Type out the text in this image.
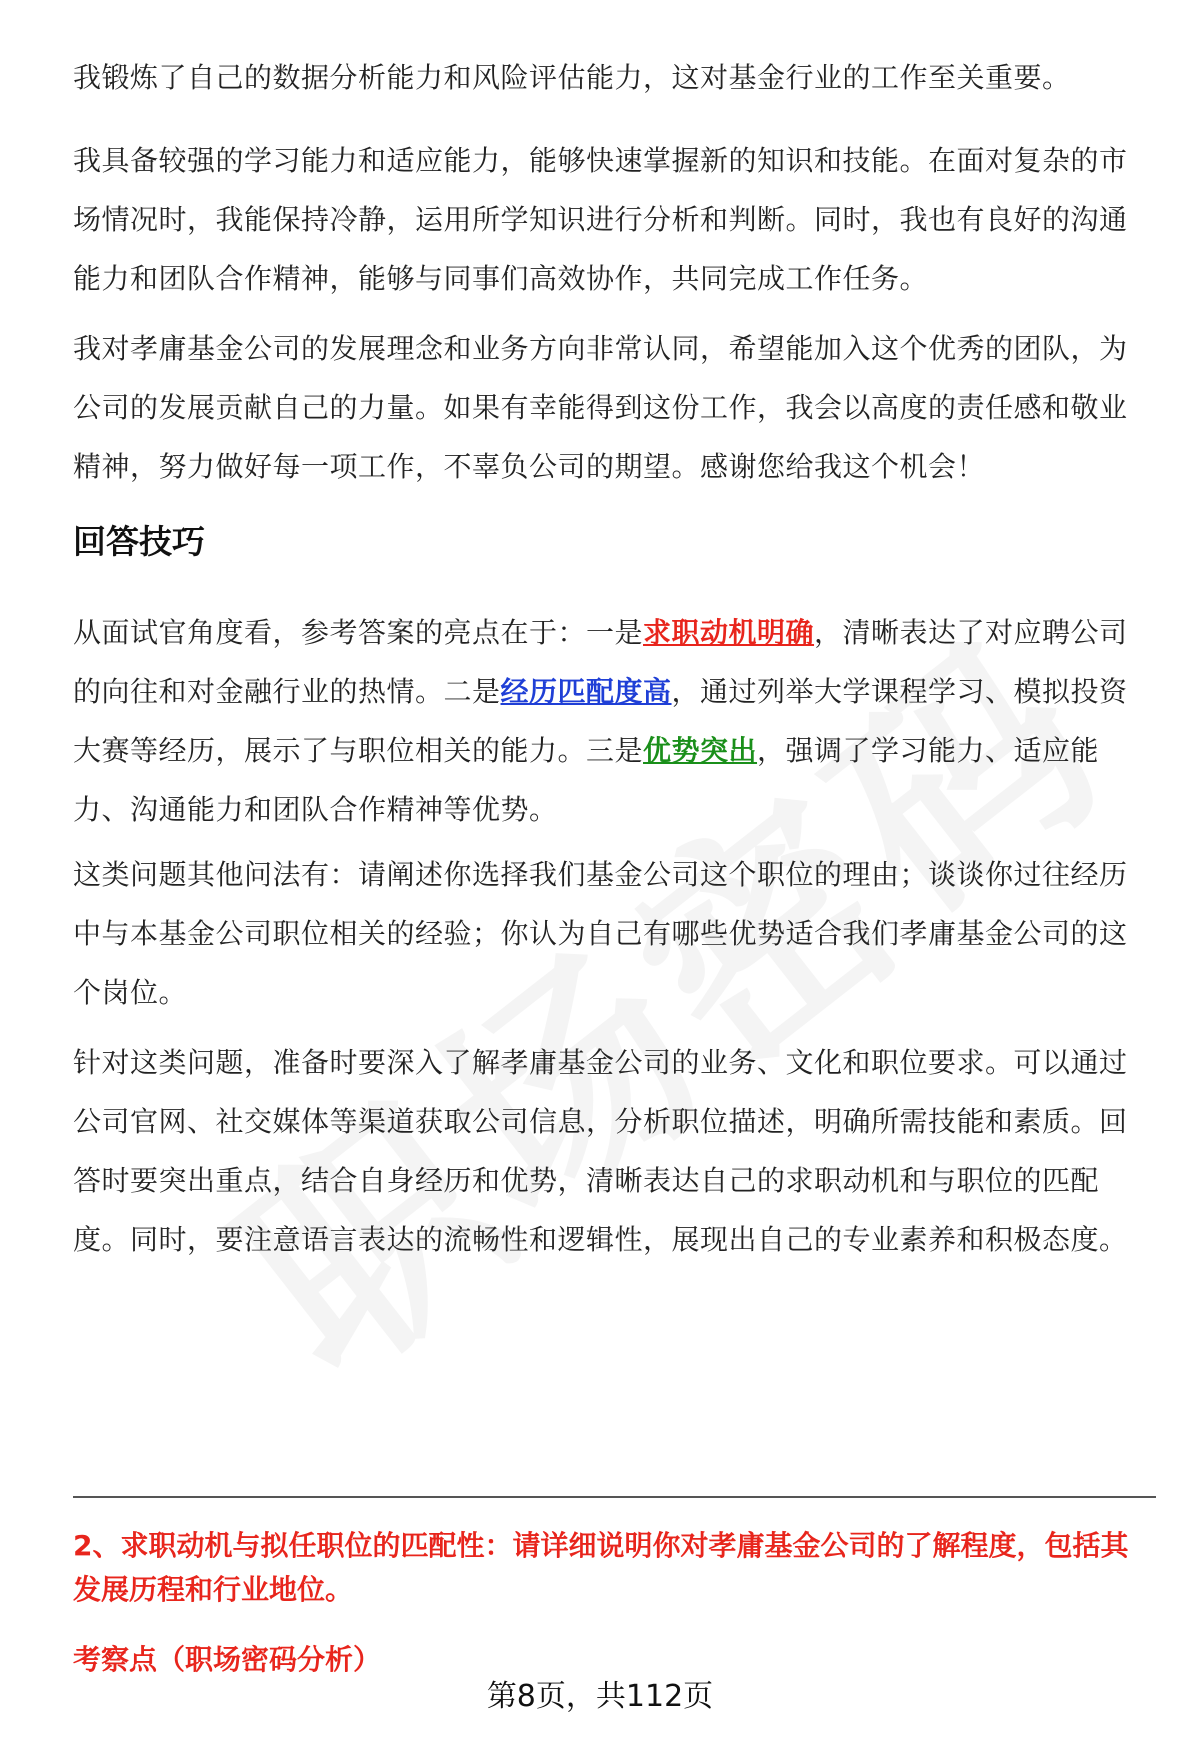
我锻炼了自己的数据分析能力和风险评估能力，这对基金行业的工作至关重要。

我具备较强的学习能力和适应能力，能够快速掌握新的知识和技能。在面对复杂的市场情况时，我能保持冷静，运用所学知识进行分析和判断。同时，我也有良好的沟通能力和团队合作精神，能够与同事们高效协作，共同完成工作任务。

我对孝庸基金公司的发展理念和业务方向非常认同，希望能加入这个优秀的团队，为公司的发展贡献自己的力量。如果有幸能得到这份工作，我会以高度的责任感和敬业精神，努力做好每一项工作，不辜负公司的期望。感谢您给我这个机会！

回答技巧

从面试官角度看，参考答案的亮点在于：一是求职动机明确，清晰表达了对应聘公司的向往和对金融行业的热情。二是经历匹配度高，通过列举大学课程学习、模拟投资大赛等经历，展示了与职位相关的能力。三是优势突出，强调了学习能力、适应能力、沟通能力和团队合作精神等优势。

这类问题其他问法有：请阐述你选择我们基金公司这个职位的理由；谈谈你过往经历中与本基金公司职位相关的经验；你认为自己有哪些优势适合我们孝庸基金公司的这个岗位。

针对这类问题，准备时要深入了解孝庸基金公司的业务、文化和职位要求。可以通过公司官网、社交媒体等渠道获取公司信息，分析职位描述，明确所需技能和素质。回答时要突出重点，结合自身经历和优势，清晰表达自己的求职动机和与职位的匹配度。同时，要注意语言表达的流畅性和逻辑性，展现出自己的专业素养和积极态度。

2、求职动机与拟任职位的匹配性：请详细说明你对孝庸基金公司的了解程度，包括其发展历程和行业地位。

考察点（职场密码分析）

第8页，共112页
